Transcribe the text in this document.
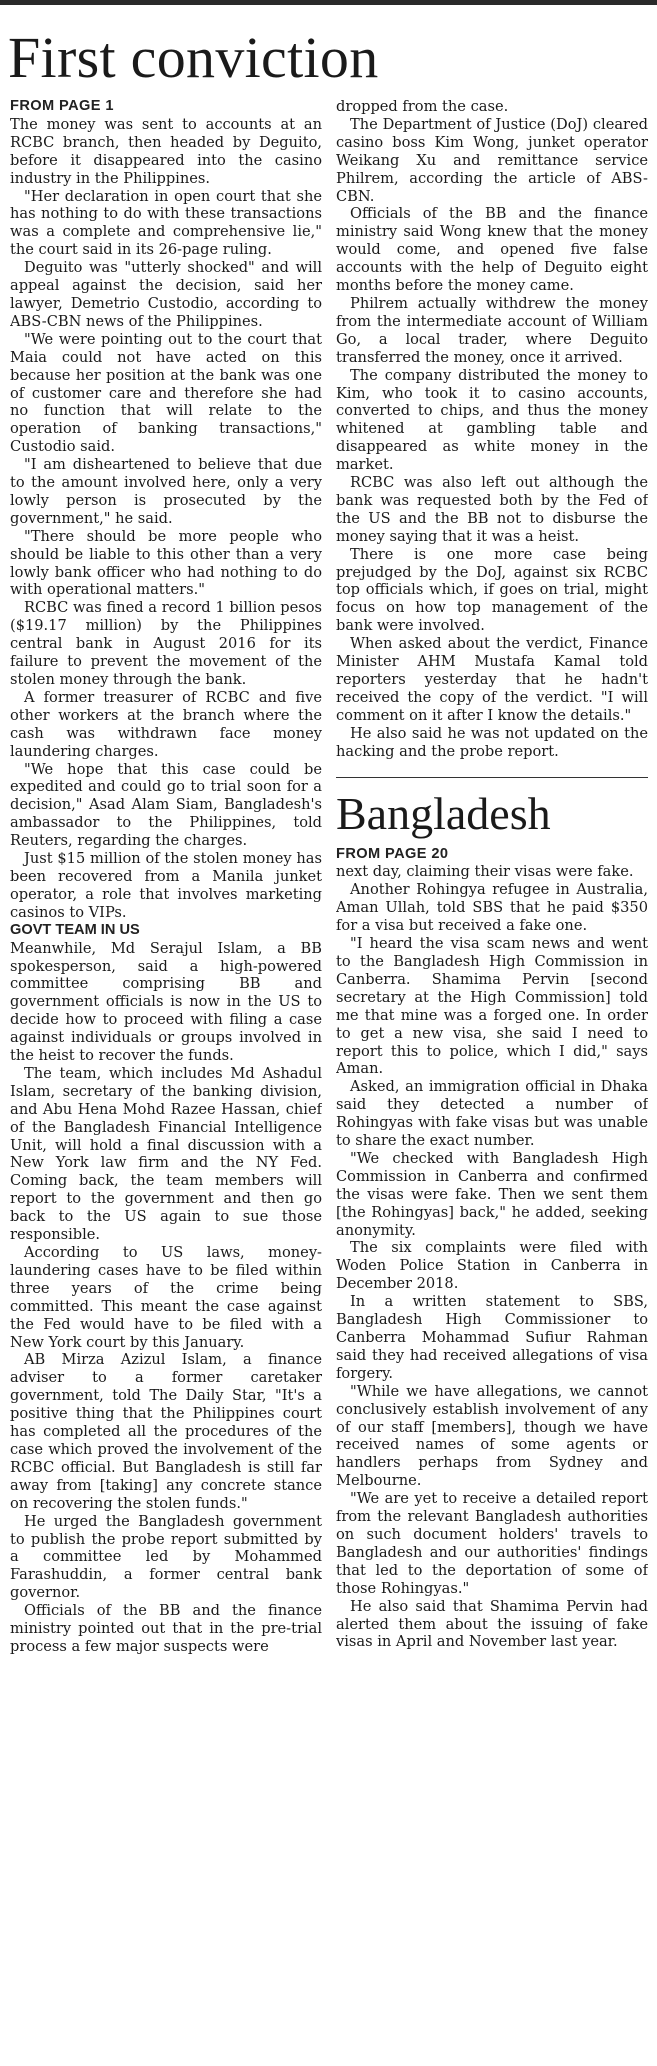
First conviction

FROM PAGE 1

The money was sent to accounts at an RCBC branch, then headed by Deguito, before it disappeared into the casino industry in the Philippines.

"Her declaration in open court that she has nothing to do with these transactions was a complete and comprehensive lie," the court said in its 26-page ruling.

Deguito was "utterly shocked" and will appeal against the decision, said her lawyer, Demetrio Custodio, according to ABS-CBN news of the Philippines.

"We were pointing out to the court that Maia could not have acted on this because her position at the bank was one of customer care and therefore she had no function that will relate to the operation of banking transactions," Custodio said.

"I am disheartened to believe that due to the amount involved here, only a very lowly person is prosecuted by the government," he said.

"There should be more people who should be liable to this other than a very lowly bank officer who had nothing to do with operational matters."

RCBC was fined a record 1 billion pesos ($19.17 million) by the Philippines central bank in August 2016 for its failure to prevent the movement of the stolen money through the bank.

A former treasurer of RCBC and five other workers at the branch where the cash was withdrawn face money laundering charges.

"We hope that this case could be expedited and could go to trial soon for a decision," Asad Alam Siam, Bangladesh's ambassador to the Philippines, told Reuters, regarding the charges.

Just $15 million of the stolen money has been recovered from a Manila junket operator, a role that involves marketing casinos to VIPs.

GOVT TEAM IN US

Meanwhile, Md Serajul Islam, a BB spokesperson, said a high-powered committee comprising BB and government officials is now in the US to decide how to proceed with filing a case against individuals or groups involved in the heist to recover the funds.

The team, which includes Md Ashadul Islam, secretary of the banking division, and Abu Hena Mohd Razee Hassan, chief of the Bangladesh Financial Intelligence Unit, will hold a final discussion with a New York law firm and the NY Fed. Coming back, the team members will report to the government and then go back to the US again to sue those responsible.

According to US laws, money-laundering cases have to be filed within three years of the crime being committed. This meant the case against the Fed would have to be filed with a New York court by this January.

AB Mirza Azizul Islam, a finance adviser to a former caretaker government, told The Daily Star, "It's a positive thing that the Philippines court has completed all the procedures of the case which proved the involvement of the RCBC official. But Bangladesh is still far away from [taking] any concrete stance on recovering the stolen funds."

He urged the Bangladesh government to publish the probe report submitted by a committee led by Mohammed Farashuddin, a former central bank governor.

Officials of the BB and the finance ministry pointed out that in the pre-trial process a few major suspects were

dropped from the case.

The Department of Justice (DoJ) cleared casino boss Kim Wong, junket operator Weikang Xu and remittance service Philrem, according the article of ABS-CBN.

Officials of the BB and the finance ministry said Wong knew that the money would come, and opened five false accounts with the help of Deguito eight months before the money came.

Philrem actually withdrew the money from the intermediate account of William Go, a local trader, where Deguito transferred the money, once it arrived.

The company distributed the money to Kim, who took it to casino accounts, converted to chips, and thus the money whitened at gambling table and disappeared as white money in the market.

RCBC was also left out although the bank was requested both by the Fed of the US and the BB not to disburse the money saying that it was a heist.

There is one more case being prejudged by the DoJ, against six RCBC top officials which, if goes on trial, might focus on how top management of the bank were involved.

When asked about the verdict, Finance Minister AHM Mustafa Kamal told reporters yesterday that he hadn't received the copy of the verdict. "I will comment on it after I know the details."

He also said he was not updated on the hacking and the probe report.

Bangladesh

FROM PAGE 20

next day, claiming their visas were fake.

Another Rohingya refugee in Australia, Aman Ullah, told SBS that he paid $350 for a visa but received a fake one.

"I heard the visa scam news and went to the Bangladesh High Commission in Canberra. Shamima Pervin [second secretary at the High Commission] told me that mine was a forged one. In order to get a new visa, she said I need to report this to police, which I did," says Aman.

Asked, an immigration official in Dhaka said they detected a number of Rohingyas with fake visas but was unable to share the exact number.

"We checked with Bangladesh High Commission in Canberra and confirmed the visas were fake. Then we sent them [the Rohingyas] back," he added, seeking anonymity.

The six complaints were filed with Woden Police Station in Canberra in December 2018.

In a written statement to SBS, Bangladesh High Commissioner to Canberra Mohammad Sufiur Rahman said they had received allegations of visa forgery.

"While we have allegations, we cannot conclusively establish involvement of any of our staff [members], though we have received names of some agents or handlers perhaps from Sydney and Melbourne.

"We are yet to receive a detailed report from the relevant Bangladesh authorities on such document holders' travels to Bangladesh and our authorities' findings that led to the deportation of some of those Rohingyas."

He also said that Shamima Pervin had alerted them about the issuing of fake visas in April and November last year.
